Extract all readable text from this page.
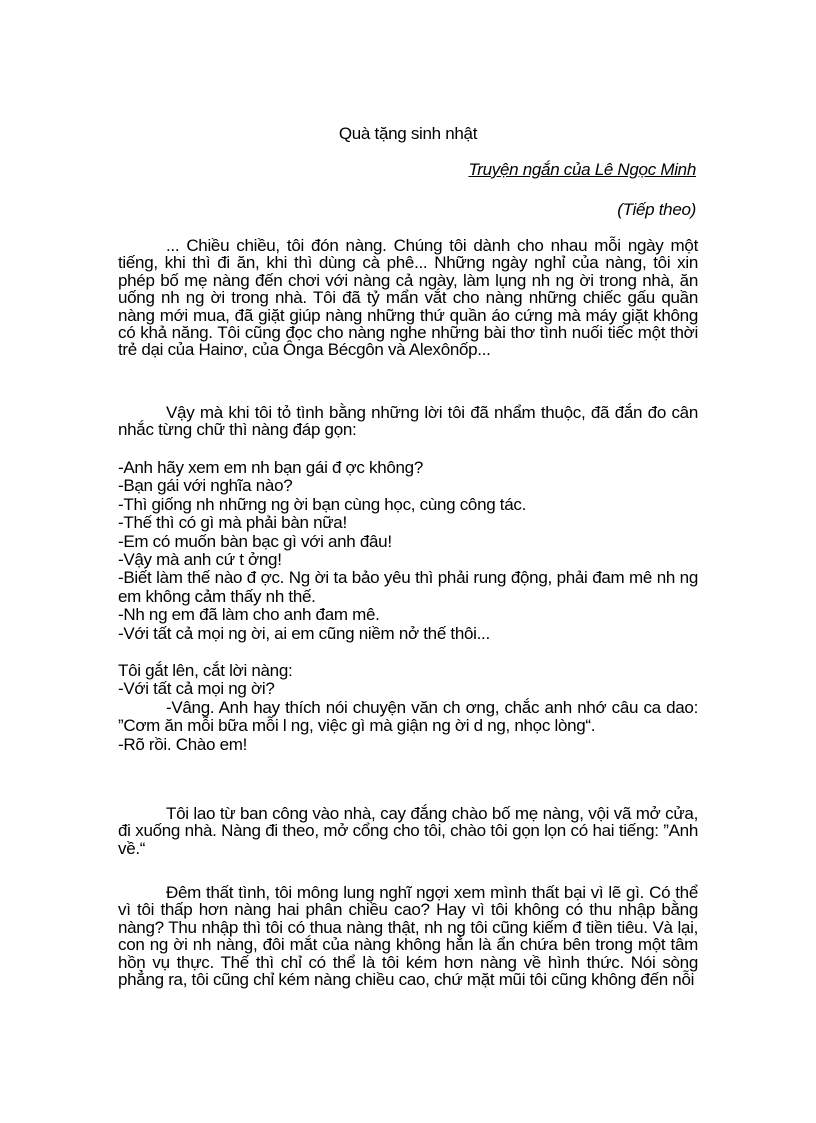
Quà tặng sinh nhật
Truyện ngắn của Lê Ngọc Minh
(Tiếp theo)

... Chiều chiều, tôi đón nàng. Chúng tôi dành cho nhau mỗi ngày một tiếng, khi thì đi ăn, khi thì dùng cà phê... Những ngày nghỉ của nàng, tôi xin phép bố mẹ nàng đến chơi với nàng cả ngày, làm lụng nh ng ời trong nhà, ăn uống nh ng ời trong nhà. Tôi đã tỷ mẩn vắt cho nàng những chiếc gấu quần nàng mới mua, đã giặt giúp nàng những thứ quần áo cứng mà máy giặt không có khả năng. Tôi cũng đọc cho nàng nghe những bài thơ tình nuối tiếc một thời trẻ dại của Hainơ, của Ônga Bécgôn và Alexônốp...

Vậy mà khi tôi tỏ tình bằng những lời tôi đã nhẩm thuộc, đã đắn đo cân nhắc từng chữ thì nàng đáp gọn:

-Anh hãy xem em nh bạn gái đ ợc không?
-Bạn gái với nghĩa nào?
-Thì giống nh những ng ời bạn cùng học, cùng công tác.
-Thế thì có gì mà phải bàn nữa!
-Em có muốn bàn bạc gì với anh đâu!
-Vậy mà anh cứ t ởng!
-Biết làm thế nào đ ợc. Ng ời ta bảo yêu thì phải rung động, phải đam mê nh ng em không cảm thấy nh thế.
-Nh ng em đã làm cho anh đam mê.
-Với tất cả mọi ng ời, ai em cũng niềm nở thế thôi...
Tôi gắt lên, cắt lời nàng:
-Với tất cả mọi ng ời?
-Vâng. Anh hay thích nói chuyện văn ch ơng, chắc anh nhớ câu ca dao: ”Cơm ăn mỗi bữa mỗi l ng, việc gì mà giận ng ời d ng, nhọc lòng“.
-Rõ rồi. Chào em!

Tôi lao từ ban công vào nhà, cay đắng chào bố mẹ nàng, vội vã mở cửa, đi xuống nhà. Nàng đi theo, mở cổng cho tôi, chào tôi gọn lọn có hai tiếng: ”Anh về.“

Đêm thất tình, tôi mông lung nghĩ ngợi xem mình thất bại vì lẽ gì. Có thể vì tôi thấp hơn nàng hai phân chiều cao? Hay vì tôi không có thu nhập bằng nàng? Thu nhập thì tôi có thua nàng thật, nh ng tôi cũng kiếm đ tiền tiêu. Và lại, con ng ời nh nàng, đôi mắt của nàng không hẳn là ẩn chứa bên trong một tâm hồn vụ thực. Thế thì chỉ có thể là tôi kém hơn nàng về hình thức. Nói sòng phẳng ra, tôi cũng chỉ kém nàng chiều cao, chứ mặt mũi tôi cũng không đến nỗi
